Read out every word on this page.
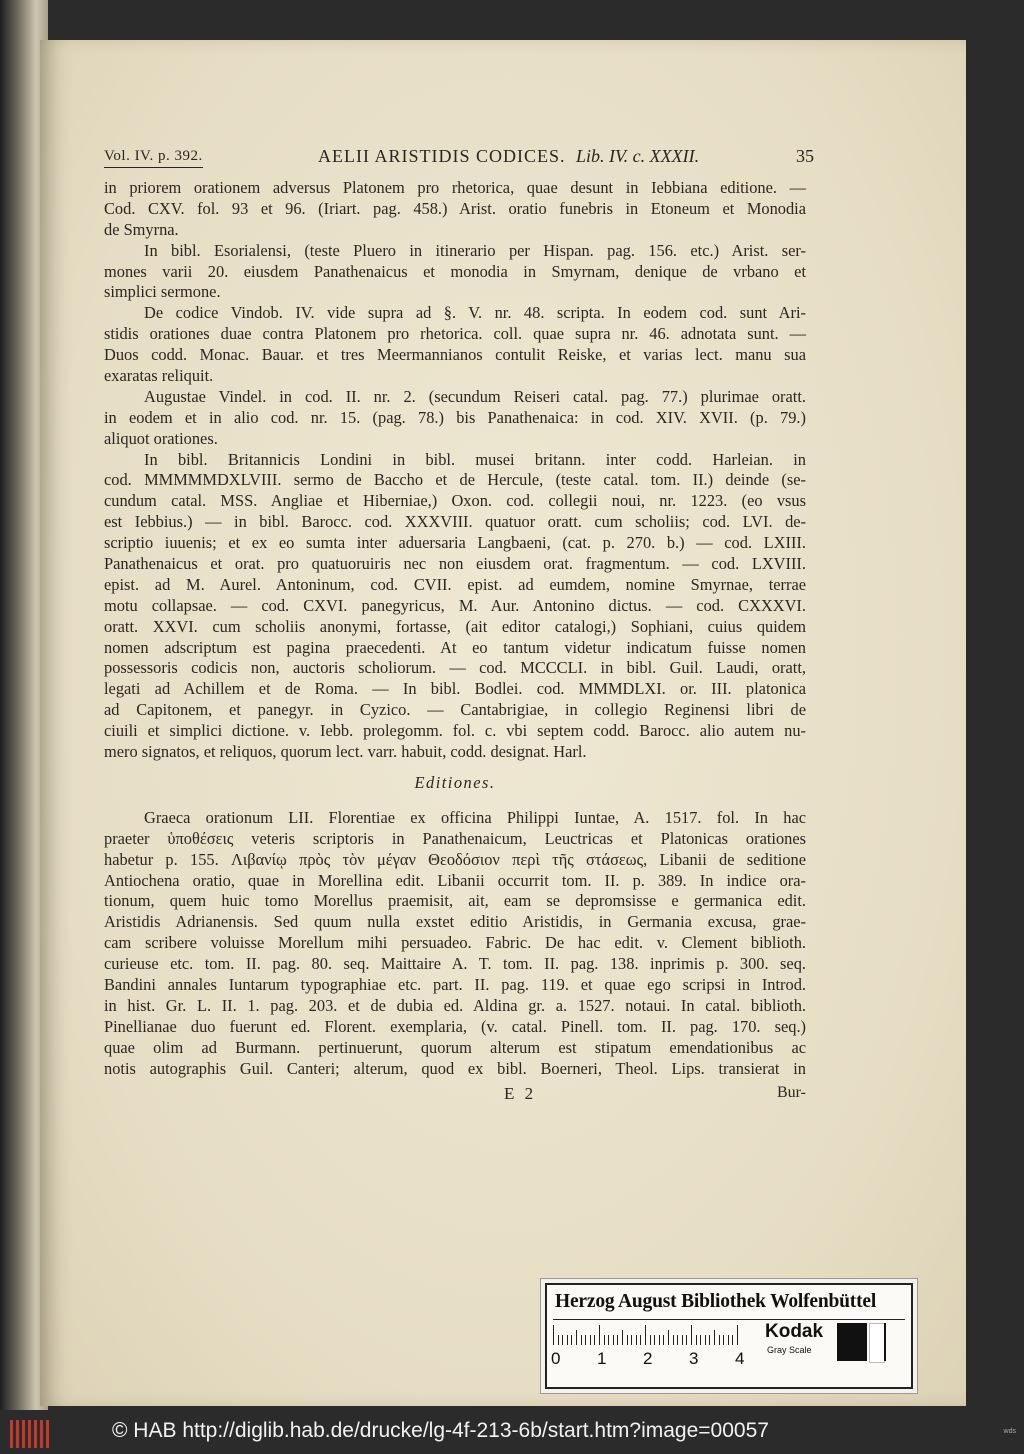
Vol. IV. p. 392.	AELII ARISTIDIS CODICES. Lib. IV. c. XXXII.	35
in priorem orationem adversus Platonem pro rhetorica, quae desunt in Iebbiana editione. —
Cod. CXV. fol. 93 et 96. (Iriart. pag. 458.) Arist. oratio funebris in Etoneum et Monodia
de Smyrna.
In bibl. Esorialensi, (teste Pluero in itinerario per Hispan. pag. 156. etc.) Arist. ser-
mones varii 20. eiusdem Panathenaicus et monodia in Smyrnam, denique de vrbano et
simplici sermone.
De codice Vindob. IV. vide supra ad §. V. nr. 48. scripta. In eodem cod. sunt Ari-
stidis orationes duae contra Platonem pro rhetorica. coll. quae supra nr. 46. adnotata sunt. —
Duos codd. Monac. Bauar. et tres Meermannianos contulit Reiske, et varias lect. manu sua
exaratas reliquit.
Augustae Vindel. in cod. II. nr. 2. (secundum Reiseri catal. pag. 77.) plurimae oratt.
in eodem et in alio cod. nr. 15. (pag. 78.) bis Panathenaica: in cod. XIV. XVII. (p. 79.)
aliquot orationes.
In bibl. Britannicis Londini in bibl. musei britann. inter codd. Harleian. in
cod. MMMMMDXLVIII. sermo de Baccho et de Hercule, (teste catal. tom. II.) deinde (se-
cundum catal. MSS. Angliae et Hiberniae,) Oxon. cod. collegii noui, nr. 1223. (eo vsus
est Iebbius.) — in bibl. Barocc. cod. XXXVIII. quatuor oratt. cum scholiis; cod. LVI. de-
scriptio iuuenis; et ex eo sumta inter aduersaria Langbaeni, (cat. p. 270. b.) — cod. LXIII.
Panathenaicus et orat. pro quatuoruiris nec non eiusdem orat. fragmentum. — cod. LXVIII.
epist. ad M. Aurel. Antoninum, cod. CVII. epist. ad eumdem, nomine Smyrnae, terrae
motu collapsae. — cod. CXVI. panegyricus, M. Aur. Antonino dictus. — cod. CXXXVI.
oratt. XXVI. cum scholiis anonymi, fortasse, (ait editor catalogi,) Sophiani, cuius quidem
nomen adscriptum est pagina praecedenti. At eo tantum videtur indicatum fuisse nomen
possessoris codicis non, auctoris scholiorum. — cod. MCCCLI. in bibl. Guil. Laudi, oratt,
legati ad Achillem et de Roma. — In bibl. Bodlei. cod. MMMDLXI. or. III. platonica
ad Capitonem, et panegyr. in Cyzico. — Cantabrigiae, in collegio Reginensi libri de
ciuili et simplici dictione. v. Iebb. prolegomm. fol. c. vbi septem codd. Barocc. alio autem nu-
mero signatos, et reliquos, quorum lect. varr. habuit, codd. designat. Harl.
Editiones.
Graeca orationum LII. Florentiae ex officina Philippi Iuntae, A. 1517. fol. In hac
praeter ὑποθέσεις veteris scriptoris in Panathenaicum, Leuctricas et Platonicas orationes
habetur p. 155. Λιβανίῳ πρὸς τὸν μέγαν Θεοδόσιον περὶ τῆς στάσεως, Libanii de seditione
Antiochena oratio, quae in Morellina edit. Libanii occurrit tom. II. p. 389. In indice ora-
tionum, quem huic tomo Morellus praemisit, ait, eam se depromsisse e germanica edit.
Aristidis Adrianensis. Sed quum nulla exstet editio Aristidis, in Germania excusa, grae-
cam scribere voluisse Morellum mihi persuadeo. Fabric. De hac edit. v. Clement biblioth.
curieuse etc. tom. II. pag. 80. seq. Maittaire A. T. tom. II. pag. 138. inprimis p. 300. seq.
Bandini annales Iuntarum typographiae etc. part. II. pag. 119. et quae ego scripsi in Introd.
in hist. Gr. L. II. 1. pag. 203. et de dubia ed. Aldina gr. a. 1527. notaui. In catal. biblioth.
Pinellianae duo fuerunt ed. Florent. exemplaria, (v. catal. Pinell. tom. II. pag. 170. seq.)
quae olim ad Burmann. pertinuerunt, quorum alterum est stipatum emendationibus ac
notis autographis Guil. Canteri; alterum, quod ex bibl. Boerneri, Theol. Lips. transierat in
E 2	Bur-
Herzog August Bibliothek Wolfenbüttel
0 1 2 3 4
Kodak
Gray Scale
© HAB http://diglib.hab.de/drucke/lg-4f-213-6b/start.htm?image=00057	wds
